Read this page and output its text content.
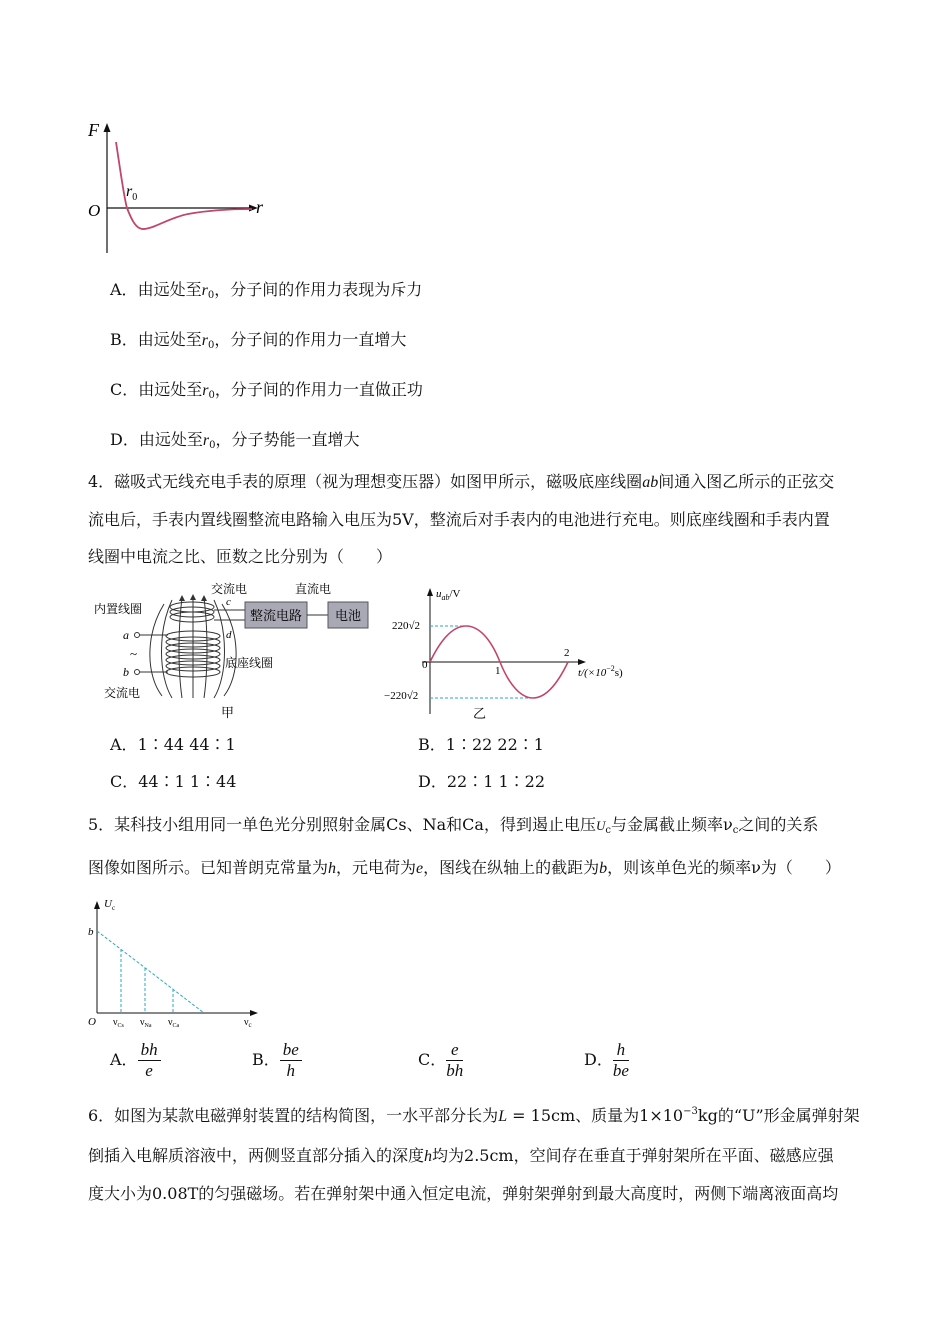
F
O	r
$r_0$
A．由远处至$r_0$，分子间的作用力表现为斥力
B．由远处至$r_0$，分子间的作用力一直增大
C．由远处至$r_0$，分子间的作用力一直做正功
D．由远处至$r_0$，分子势能一直增大
4．磁吸式无线充电手表的原理（视为理想变压器）如图甲所示，磁吸底座线圈ab间通入图乙所示的正弦交
流电后，手表内置线圈整流电路输入电压为5V，整流后对手表内的电池进行充电。则底座线圈和手表内置
线圈中电流之比、匝数之比分别为（　　）
交流电	直流电
内置线圈	c
d
a
~
b
底座线圈
交流电
甲
整流电路	电池
$u_{ab}/V$
220√2
−220√2
0	1
2
$t/(\times 10^{-2}s)$
乙
A．1∶44 44∶1	B．1∶22 22∶1
C．44∶1 1∶44	D．22∶1 1∶22
5．某科技小组用同一单色光分别照射金属Cs、Na和Ca，得到遏止电压$U_c$与金属截止频率$\nu_c$之间的关系
图像如图所示。已知普朗克常量为h，元电荷为e，图线在纵轴上的截距为b，则该单色光的频率ν为（　　）
$U_c$
b
O	$\nu_c$
$\nu_{Cs}$ $\nu_{Na}$ $\nu_{Ca}$
A． $\frac{bh}{e}$	B． $\frac{be}{h}$	C． $\frac{e}{bh}$	D． $\frac{h}{be}$
6．如图为某款电磁弹射装置的结构简图，一水平部分长为L = 15cm、质量为$1\times 10^{-3}kg$的“U”形金属弹射架
倒插入电解质溶液中，两侧竖直部分插入的深度h均为2.5cm，空间存在垂直于弹射架所在平面、磁感应强
度大小为0.08T的匀强磁场。若在弹射架中通入恒定电流，弹射架弹射到最大高度时，两侧下端离液面高均
